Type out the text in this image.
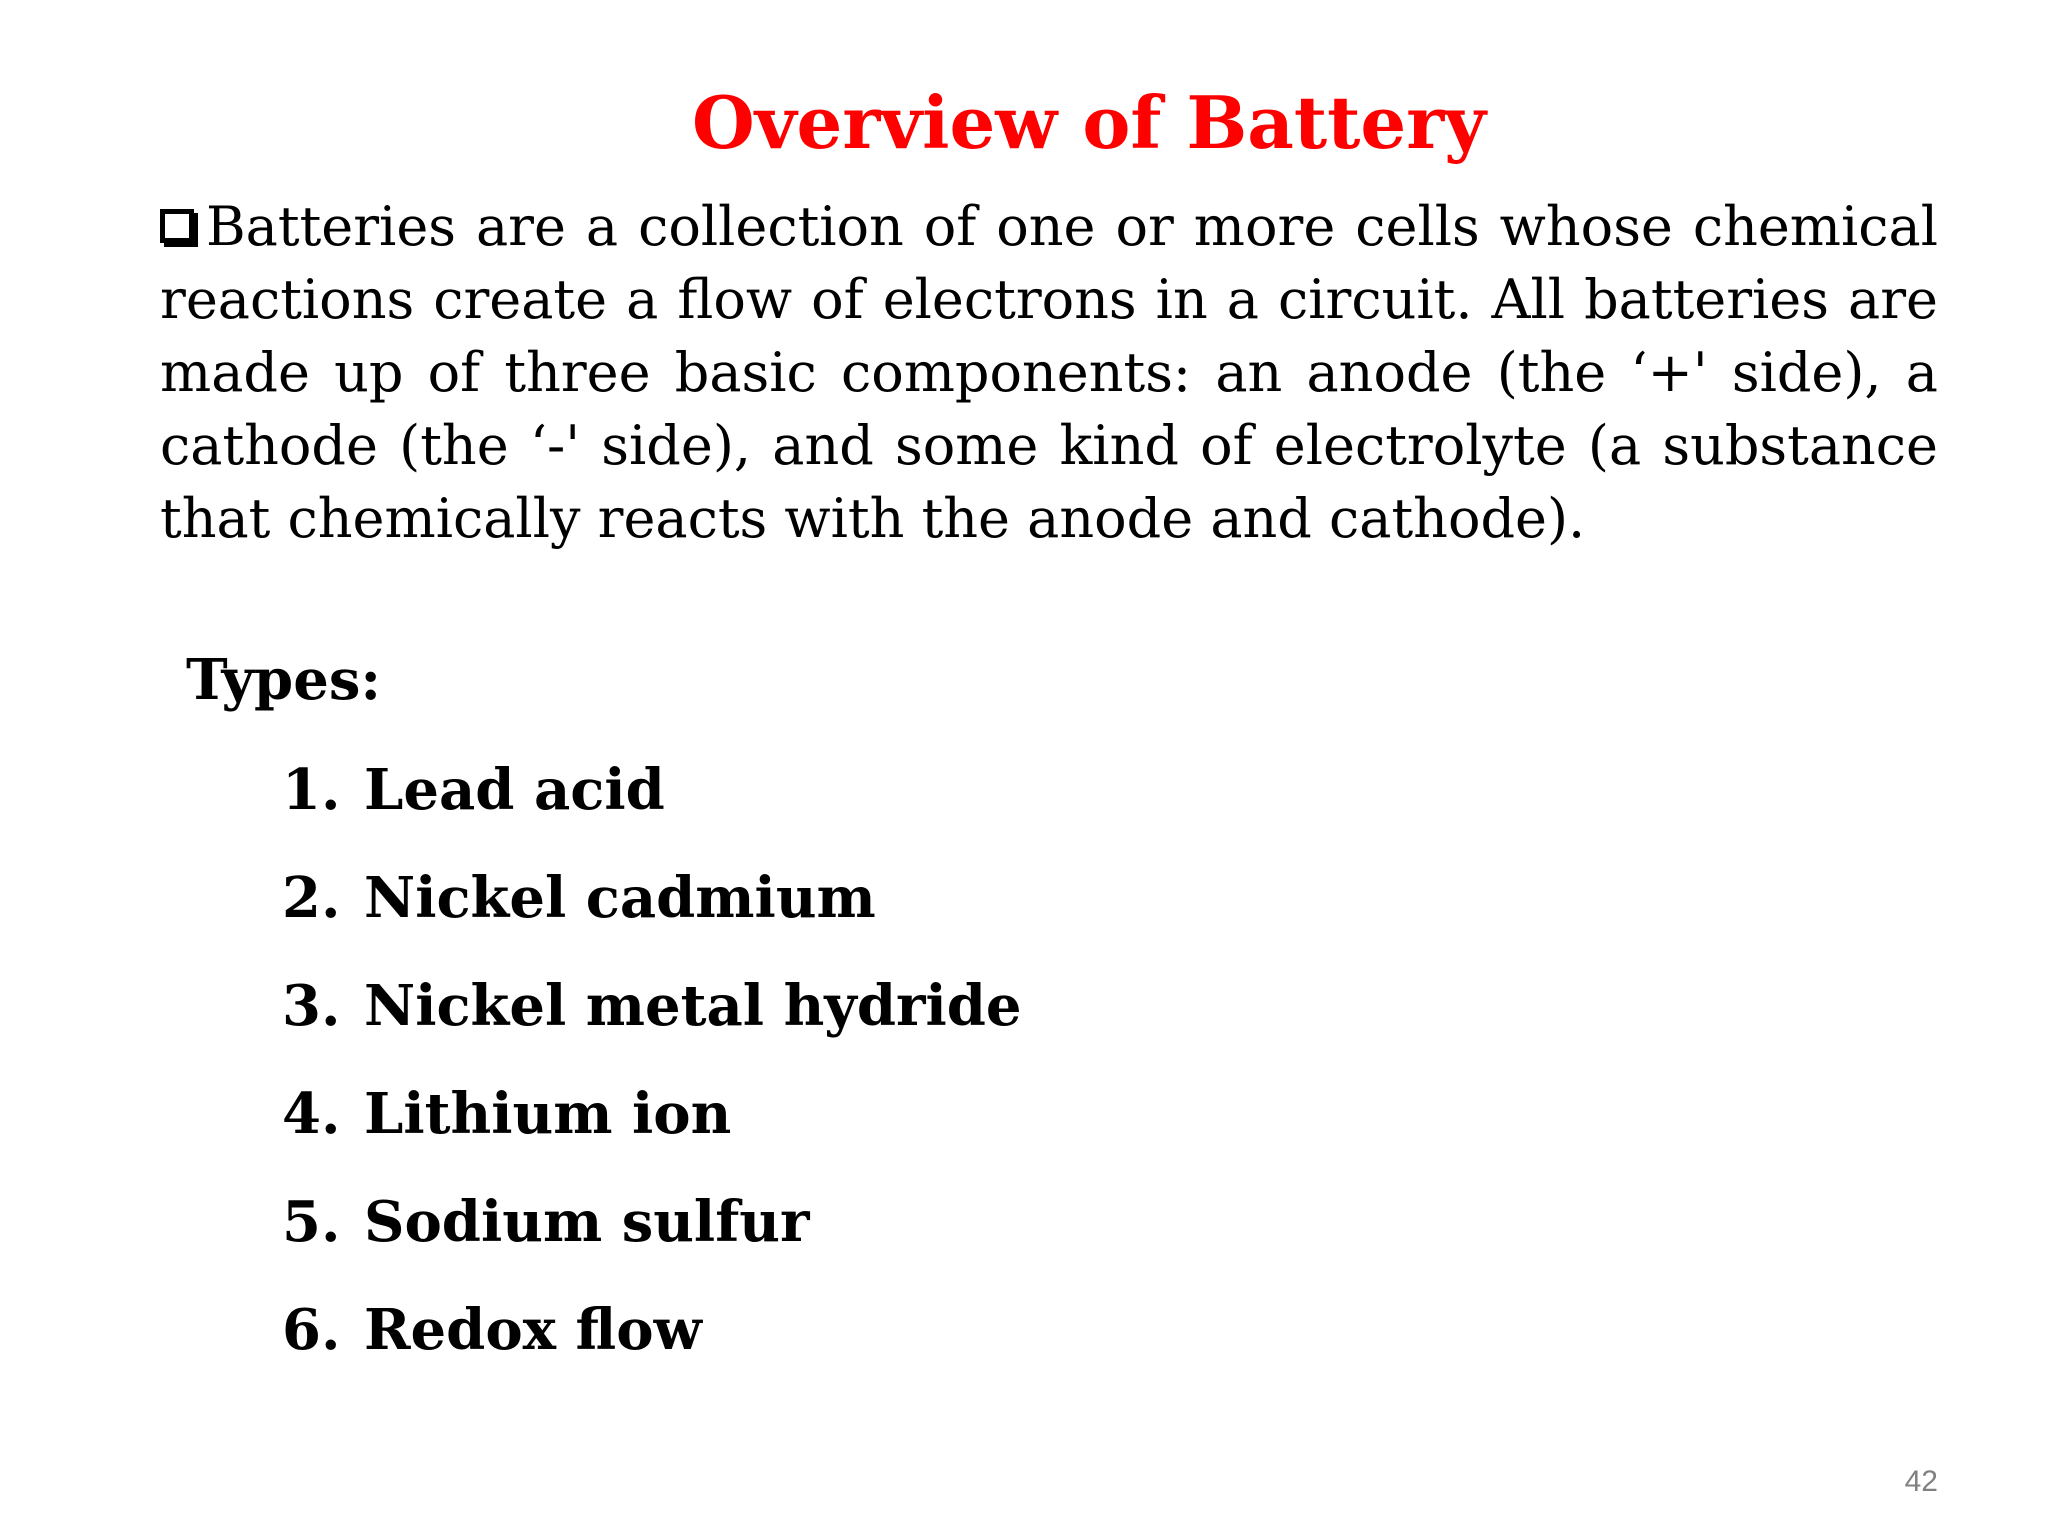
Overview of Battery
Batteries are a collection of one or more cells whose chemical reactions create a flow of electrons in a circuit. All batteries are made up of three basic components: an anode (the ‘+' side), a cathode (the ‘-' side), and some kind of electrolyte (a substance that chemically reacts with the anode and cathode).
Types:
1. Lead acid
2. Nickel cadmium
3. Nickel metal hydride
4. Lithium ion
5. Sodium sulfur
6. Redox flow
42
